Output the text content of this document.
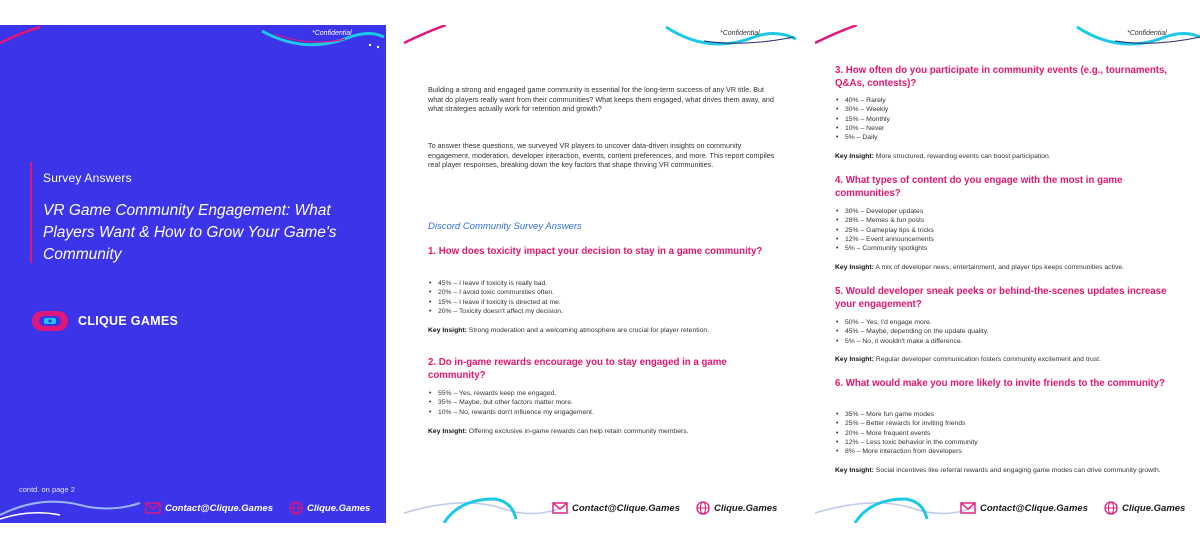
*Confidential
Survey Answers
VR Game Community Engagement: What Players Want & How to Grow Your Game's Community
CLIQUE GAMES
contd. on page 2
Contact@Clique.Games	Clique.Games
*Confidential
Building a strong and engaged game community is essential for the long-term success of any VR title. But what do players really want from their communities? What keeps them engaged, what drives them away, and what strategies actually work for retention and growth?
To answer these questions, we surveyed VR players to uncover data-driven insights on community engagement, moderation, developer interaction, events, content preferences, and more. This report compiles real player responses, breaking down the key factors that shape thriving VR communities.
Discord Community Survey Answers
1. How does toxicity impact your decision to stay in a game community?
• 45% – I leave if toxicity is really bad.
• 20% – I avoid toxic communities often.
• 15% – I leave if toxicity is directed at me.
• 20% – Toxicity doesn't affect my decision.
Key Insight: Strong moderation and a welcoming atmosphere are crucial for player retention.
2. Do in-game rewards encourage you to stay engaged in a game community?
• 55% – Yes, rewards keep me engaged.
• 35% – Maybe, but other factors matter more.
• 10% – No, rewards don't influence my engagement.
Key Insight: Offering exclusive in-game rewards can help retain community members.
Contact@Clique.Games	Clique.Games
*Confidential
3. How often do you participate in community events (e.g., tournaments, Q&As, contests)?
• 40% – Rarely
• 30% – Weekly
• 15% – Monthly
• 10% – Never
• 5% – Daily
Key Insight: More structured, rewarding events can boost participation.
4. What types of content do you engage with the most in game communities?
• 30% – Developer updates
• 28% – Memes & fun posts
• 25% – Gameplay tips & tricks
• 12% – Event announcements
• 5% – Community spotlights
Key Insight: A mix of developer news, entertainment, and player tips keeps communities active.
5. Would developer sneak peeks or behind-the-scenes updates increase your engagement?
• 50% – Yes, I'd engage more.
• 45% – Maybe, depending on the update quality.
• 5% – No, it wouldn't make a difference.
Key Insight: Regular developer communication fosters community excitement and trust.
6. What would make you more likely to invite friends to the community?
• 35% – More fun game modes
• 25% – Better rewards for inviting friends
• 20% – More frequent events
• 12% – Less toxic behavior in the community
• 8% – More interaction from developers
Key Insight: Social incentives like referral rewards and engaging game modes can drive community growth.
Contact@Clique.Games	Clique.Games
